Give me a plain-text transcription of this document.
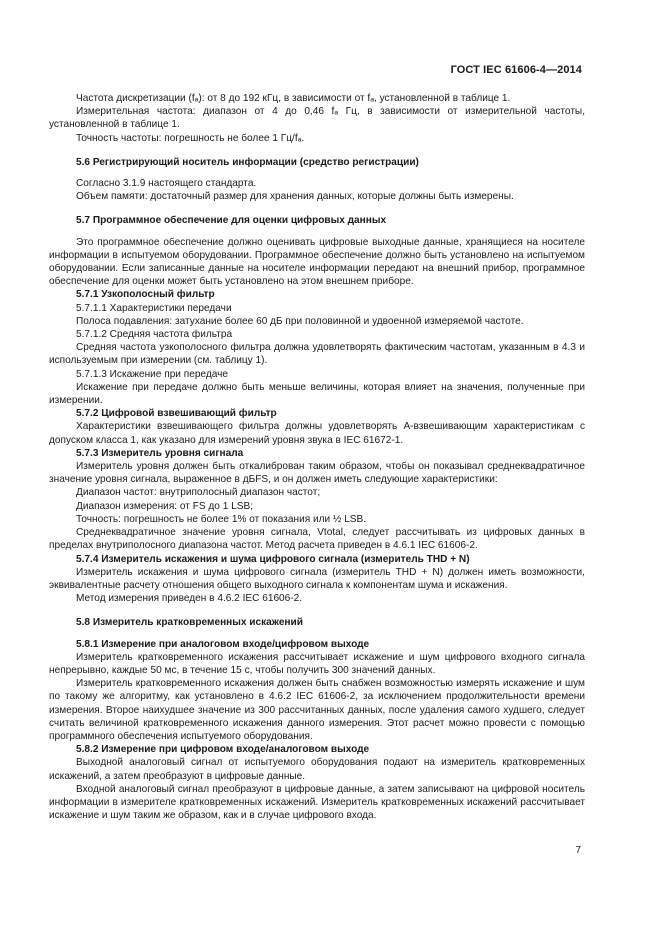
ГОСТ IEC 61606-4—2014

Частота дискретизации (fₐ): от 8 до 192 кГц, в зависимости от fₐ, установленной в таблице 1.

Измерительная частота: диапазон от 4 до 0,46 fₐ Гц, в зависимости от измерительной частоты, установленной в таблице 1.

Точность частоты: погрешность не более 1 Гц/fₐ.

5.6 Регистрирующий носитель информации (средство регистрации)

Согласно 3.1.9 настоящего стандарта.

Объем памяти: достаточный размер для хранения данных, которые должны быть измерены.

5.7 Программное обеспечение для оценки цифровых данных

Это программное обеспечение должно оценивать цифровые выходные данные, хранящиеся на носителе информации в испытуемом оборудовании. Программное обеспечение должно быть установлено на испытуемом оборудовании. Если записанные данные на носителе информации передают на внешний прибор, программное обеспечение для оценки может быть установлено на этом внешнем приборе.

5.7.1 Узкополосный фильтр

5.7.1.1 Характеристики передачи

Полоса подавления: затухание более 60 дБ при половинной и удвоенной измеряемой частоте.

5.7.1.2 Средняя частота фильтра

Средняя частота узкополосного фильтра должна удовлетворять фактическим частотам, указанным в 4.3 и используемым при измерении (см. таблицу 1).

5.7.1.3 Искажение при передаче

Искажение при передаче должно быть меньше величины, которая влияет на значения, полученные при измерении.

5.7.2 Цифровой взвешивающий фильтр

Характеристики взвешивающего фильтра должны удовлетворять А-взвешивающим характеристикам с допуском класса 1, как указано для измерений уровня звука в IEC 61672-1.

5.7.3 Измеритель уровня сигнала

Измеритель уровня должен быть откалиброван таким образом, чтобы он показывал среднеквадратичное значение уровня сигнала, выраженное в дБFS, и он должен иметь следующие характеристики:

Диапазон частот: внутриполосный диапазон частот;

Диапазон измерения: от FS до 1 LSB;

Точность: погрешность не более 1% от показания или ½ LSB.

Среднеквадратичное значение уровня сигнала, Vtotal, следует рассчитывать из цифровых данных в пределах внутриполосного диапазона частот. Метод расчета приведен в 4.6.1 IEC 61606-2.

5.7.4 Измеритель искажения и шума цифрового сигнала (измеритель THD + N)

Измеритель искажения и шума цифрового сигнала (измеритель THD + N) должен иметь возможности, эквивалентные расчету отношения общего выходного сигнала к компонентам шума и искажения.

Метод измерения приведен в 4.6.2 IEC 61606-2.

5.8 Измеритель кратковременных искажений

5.8.1 Измерение при аналоговом входе/цифровом выходе

Измеритель кратковременного искажения рассчитывает искажение и шум цифрового входного сигнала непрерывно, каждые 50 мс, в течение 15 с, чтобы получить 300 значений данных.

Измеритель кратковременного искажения должен быть снабжен возможностью измерять искажение и шум по такому же алгоритму, как установлено в 4.6.2 IEC 61606-2, за исключением продолжительности времени измерения. Второе наихудшее значение из 300 рассчитанных данных, после удаления самого худшего, следует считать величиной кратковременного искажения данного измерения. Этот расчет можно провести с помощью программного обеспечения испытуемого оборудования.

5.8.2 Измерение при цифровом входе/аналоговом выходе

Выходной аналоговый сигнал от испытуемого оборудования подают на измеритель кратковременных искажений, а затем преобразуют в цифровые данные.

Входной аналоговый сигнал преобразуют в цифровые данные, а затем записывают на цифровой носитель информации в измерителе кратковременных искажений. Измеритель кратковременных искажений рассчитывает искажение и шум таким же образом, как и в случае цифрового входа.

7
